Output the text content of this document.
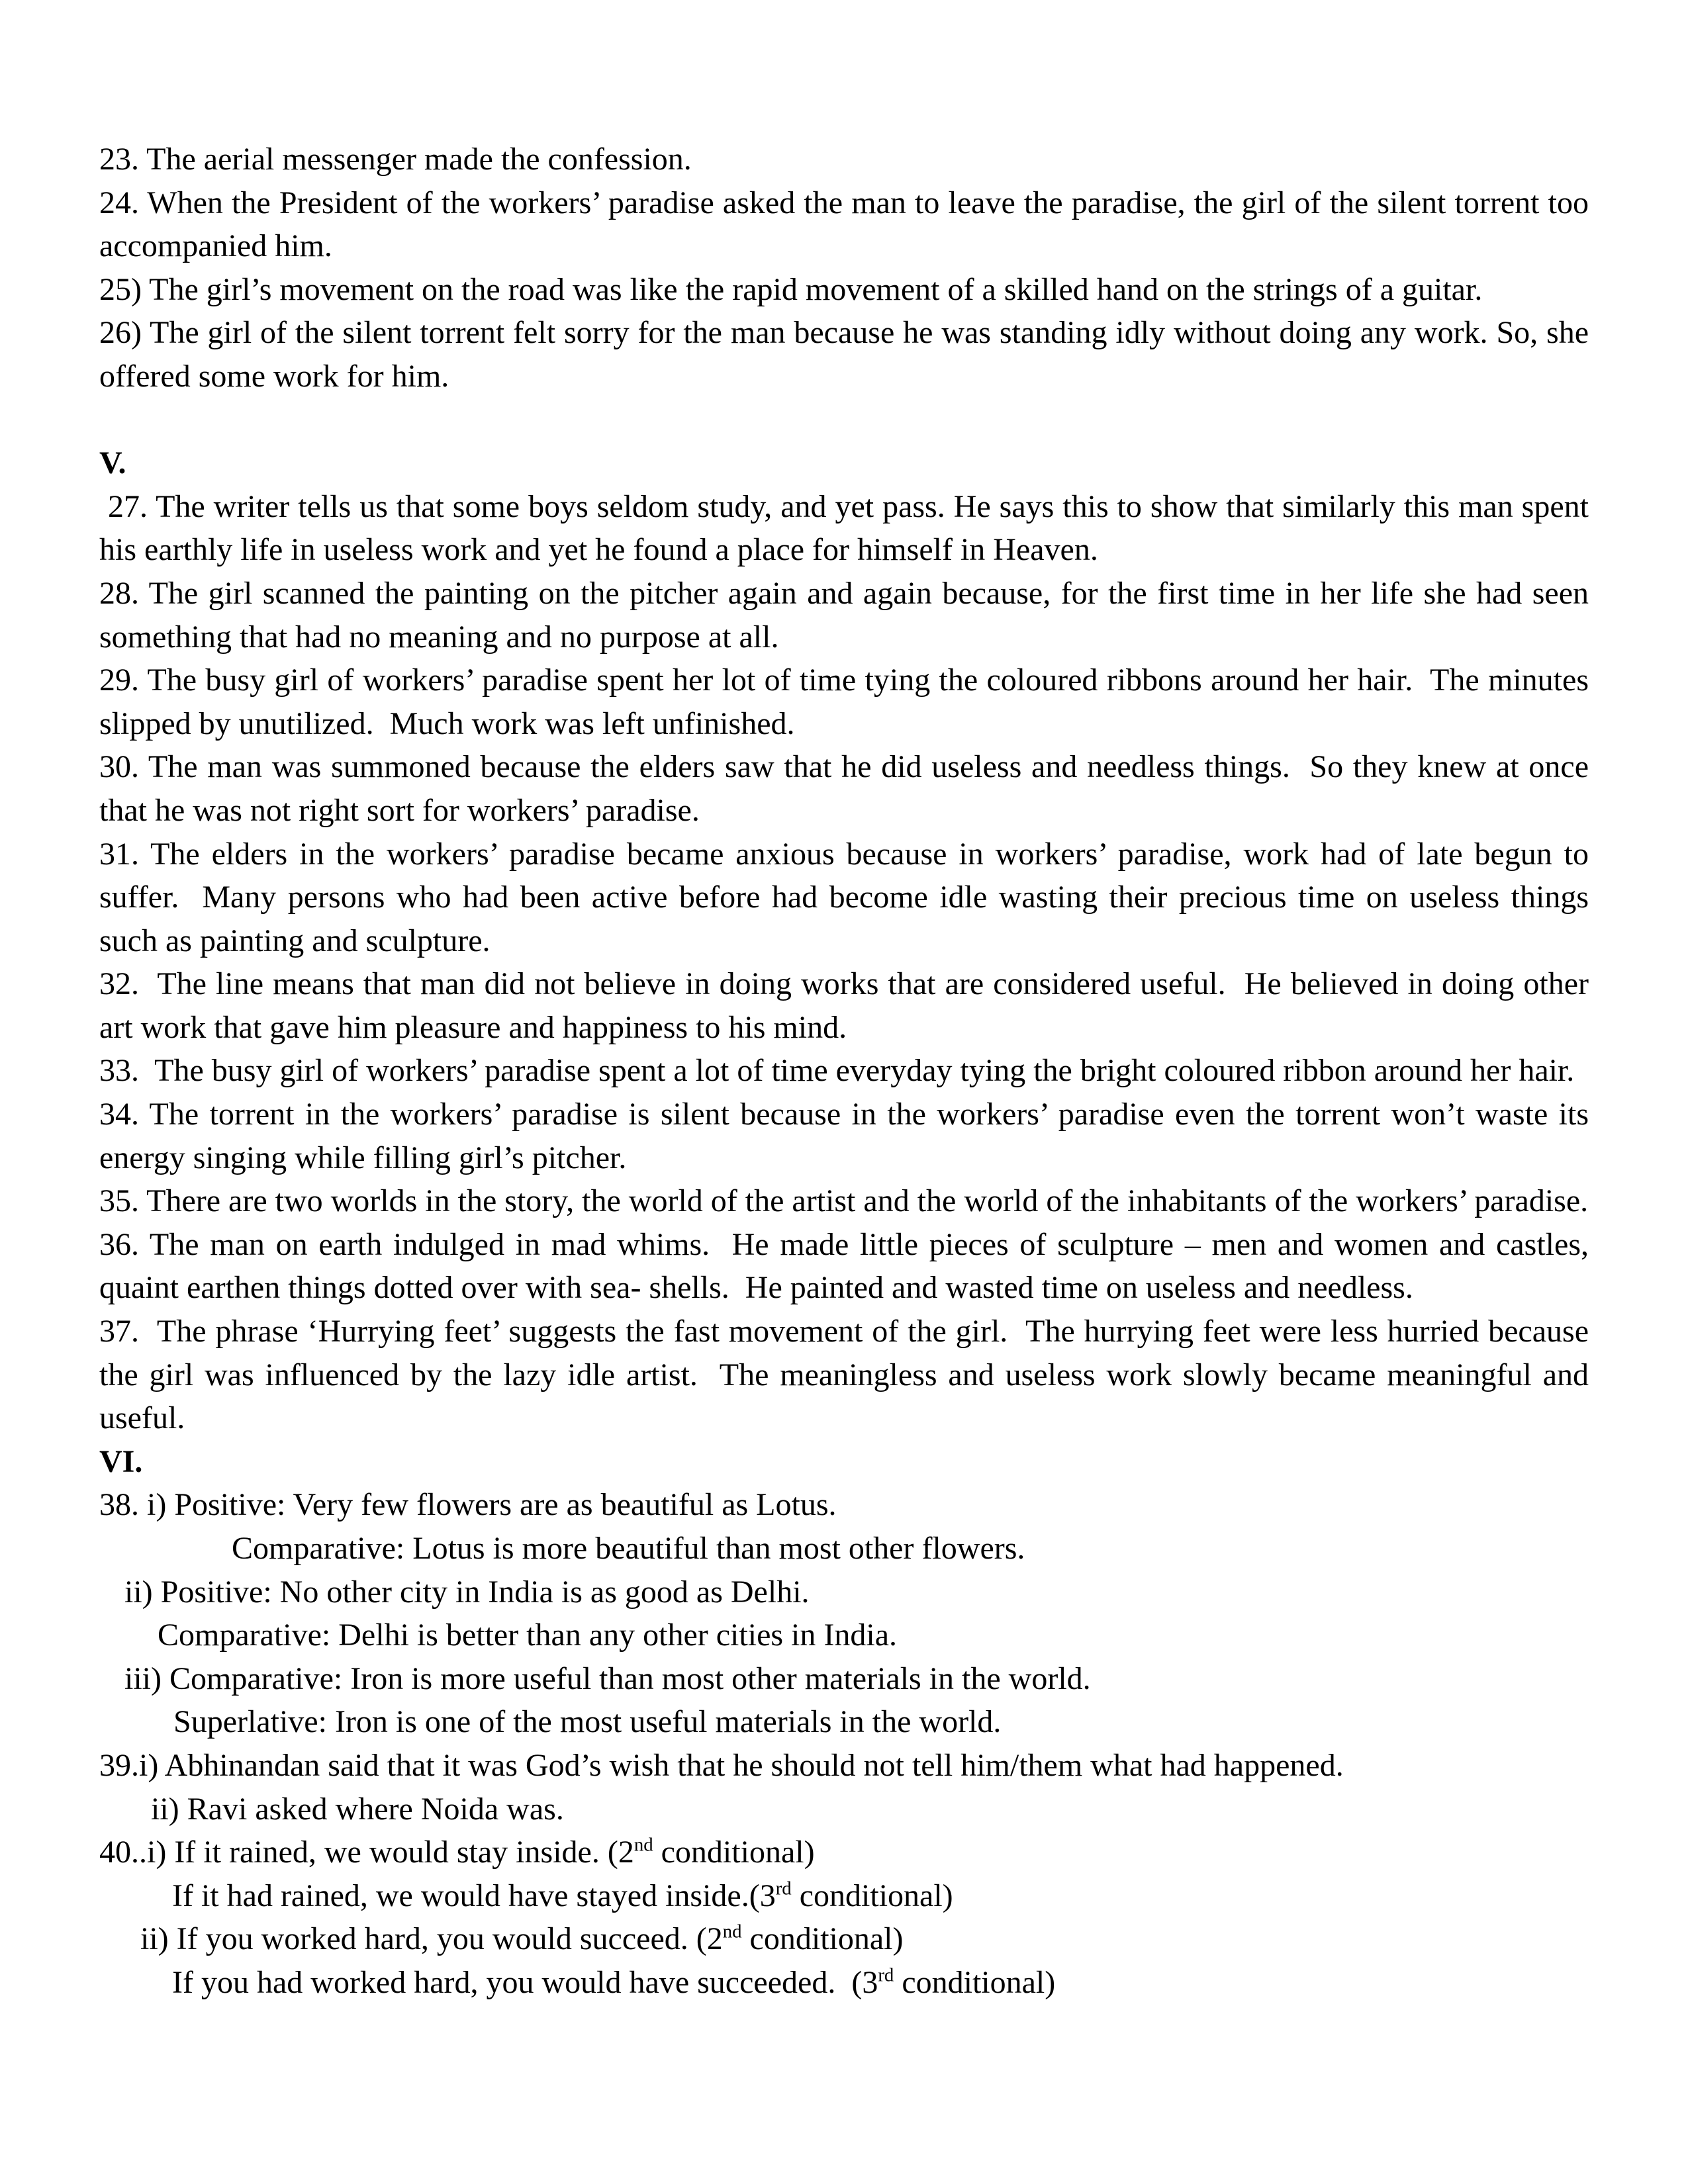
23. The aerial messenger made the confession.

24. When the President of the workers’ paradise asked the man to leave the paradise, the girl of the silent torrent too accompanied him.

25) The girl’s movement on the road was like the rapid movement of a skilled hand on the strings of a guitar.

26) The girl of the silent torrent felt sorry for the man because he was standing idly without doing any work. So, she offered some work for him.

V.

27. The writer tells us that some boys seldom study, and yet pass. He says this to show that similarly this man spent his earthly life in useless work and yet he found a place for himself in Heaven.

28. The girl scanned the painting on the pitcher again and again because, for the first time in her life she had seen something that had no meaning and no purpose at all.

29. The busy girl of workers’ paradise spent her lot of time tying the coloured ribbons around her hair.  The minutes slipped by unutilized.  Much work was left unfinished.

30. The man was summoned because the elders saw that he did useless and needless things.  So they knew at once that he was not right sort for workers’ paradise.

31. The elders in the workers’ paradise became anxious because in workers’ paradise, work had of late begun to suffer.  Many persons who had been active before had become idle wasting their precious time on useless things such as painting and sculpture.

32.  The line means that man did not believe in doing works that are considered useful.  He believed in doing other art work that gave him pleasure and happiness to his mind.

33.  The busy girl of workers’ paradise spent a lot of time everyday tying the bright coloured ribbon around her hair.

34. The torrent in the workers’ paradise is silent because in the workers’ paradise even the torrent won’t waste its energy singing while filling girl’s pitcher.

35. There are two worlds in the story, the world of the artist and the world of the inhabitants of the workers’ paradise.

36. The man on earth indulged in mad whims.  He made little pieces of sculpture – men and women and castles, quaint earthen things dotted over with sea- shells.  He painted and wasted time on useless and needless.

37.  The phrase ‘Hurrying feet’ suggests the fast movement of the girl.  The hurrying feet were less hurried because the girl was influenced by the lazy idle artist.  The meaningless and useless work slowly became meaningful and useful.

VI.

38. i) Positive: Very few flowers are as beautiful as Lotus.

Comparative: Lotus is more beautiful than most other flowers.

ii) Positive: No other city in India is as good as Delhi.

Comparative: Delhi is better than any other cities in India.

iii) Comparative: Iron is more useful than most other materials in the world.

Superlative: Iron is one of the most useful materials in the world.

39.i) Abhinandan said that it was God’s wish that he should not tell him/them what had happened.

ii) Ravi asked where Noida was.

40..i) If it rained, we would stay inside. (2nd conditional)

If it had rained, we would have stayed inside.(3rd conditional)

ii) If you worked hard, you would succeed. (2nd conditional)

If you had worked hard, you would have succeeded.  (3rd conditional)
